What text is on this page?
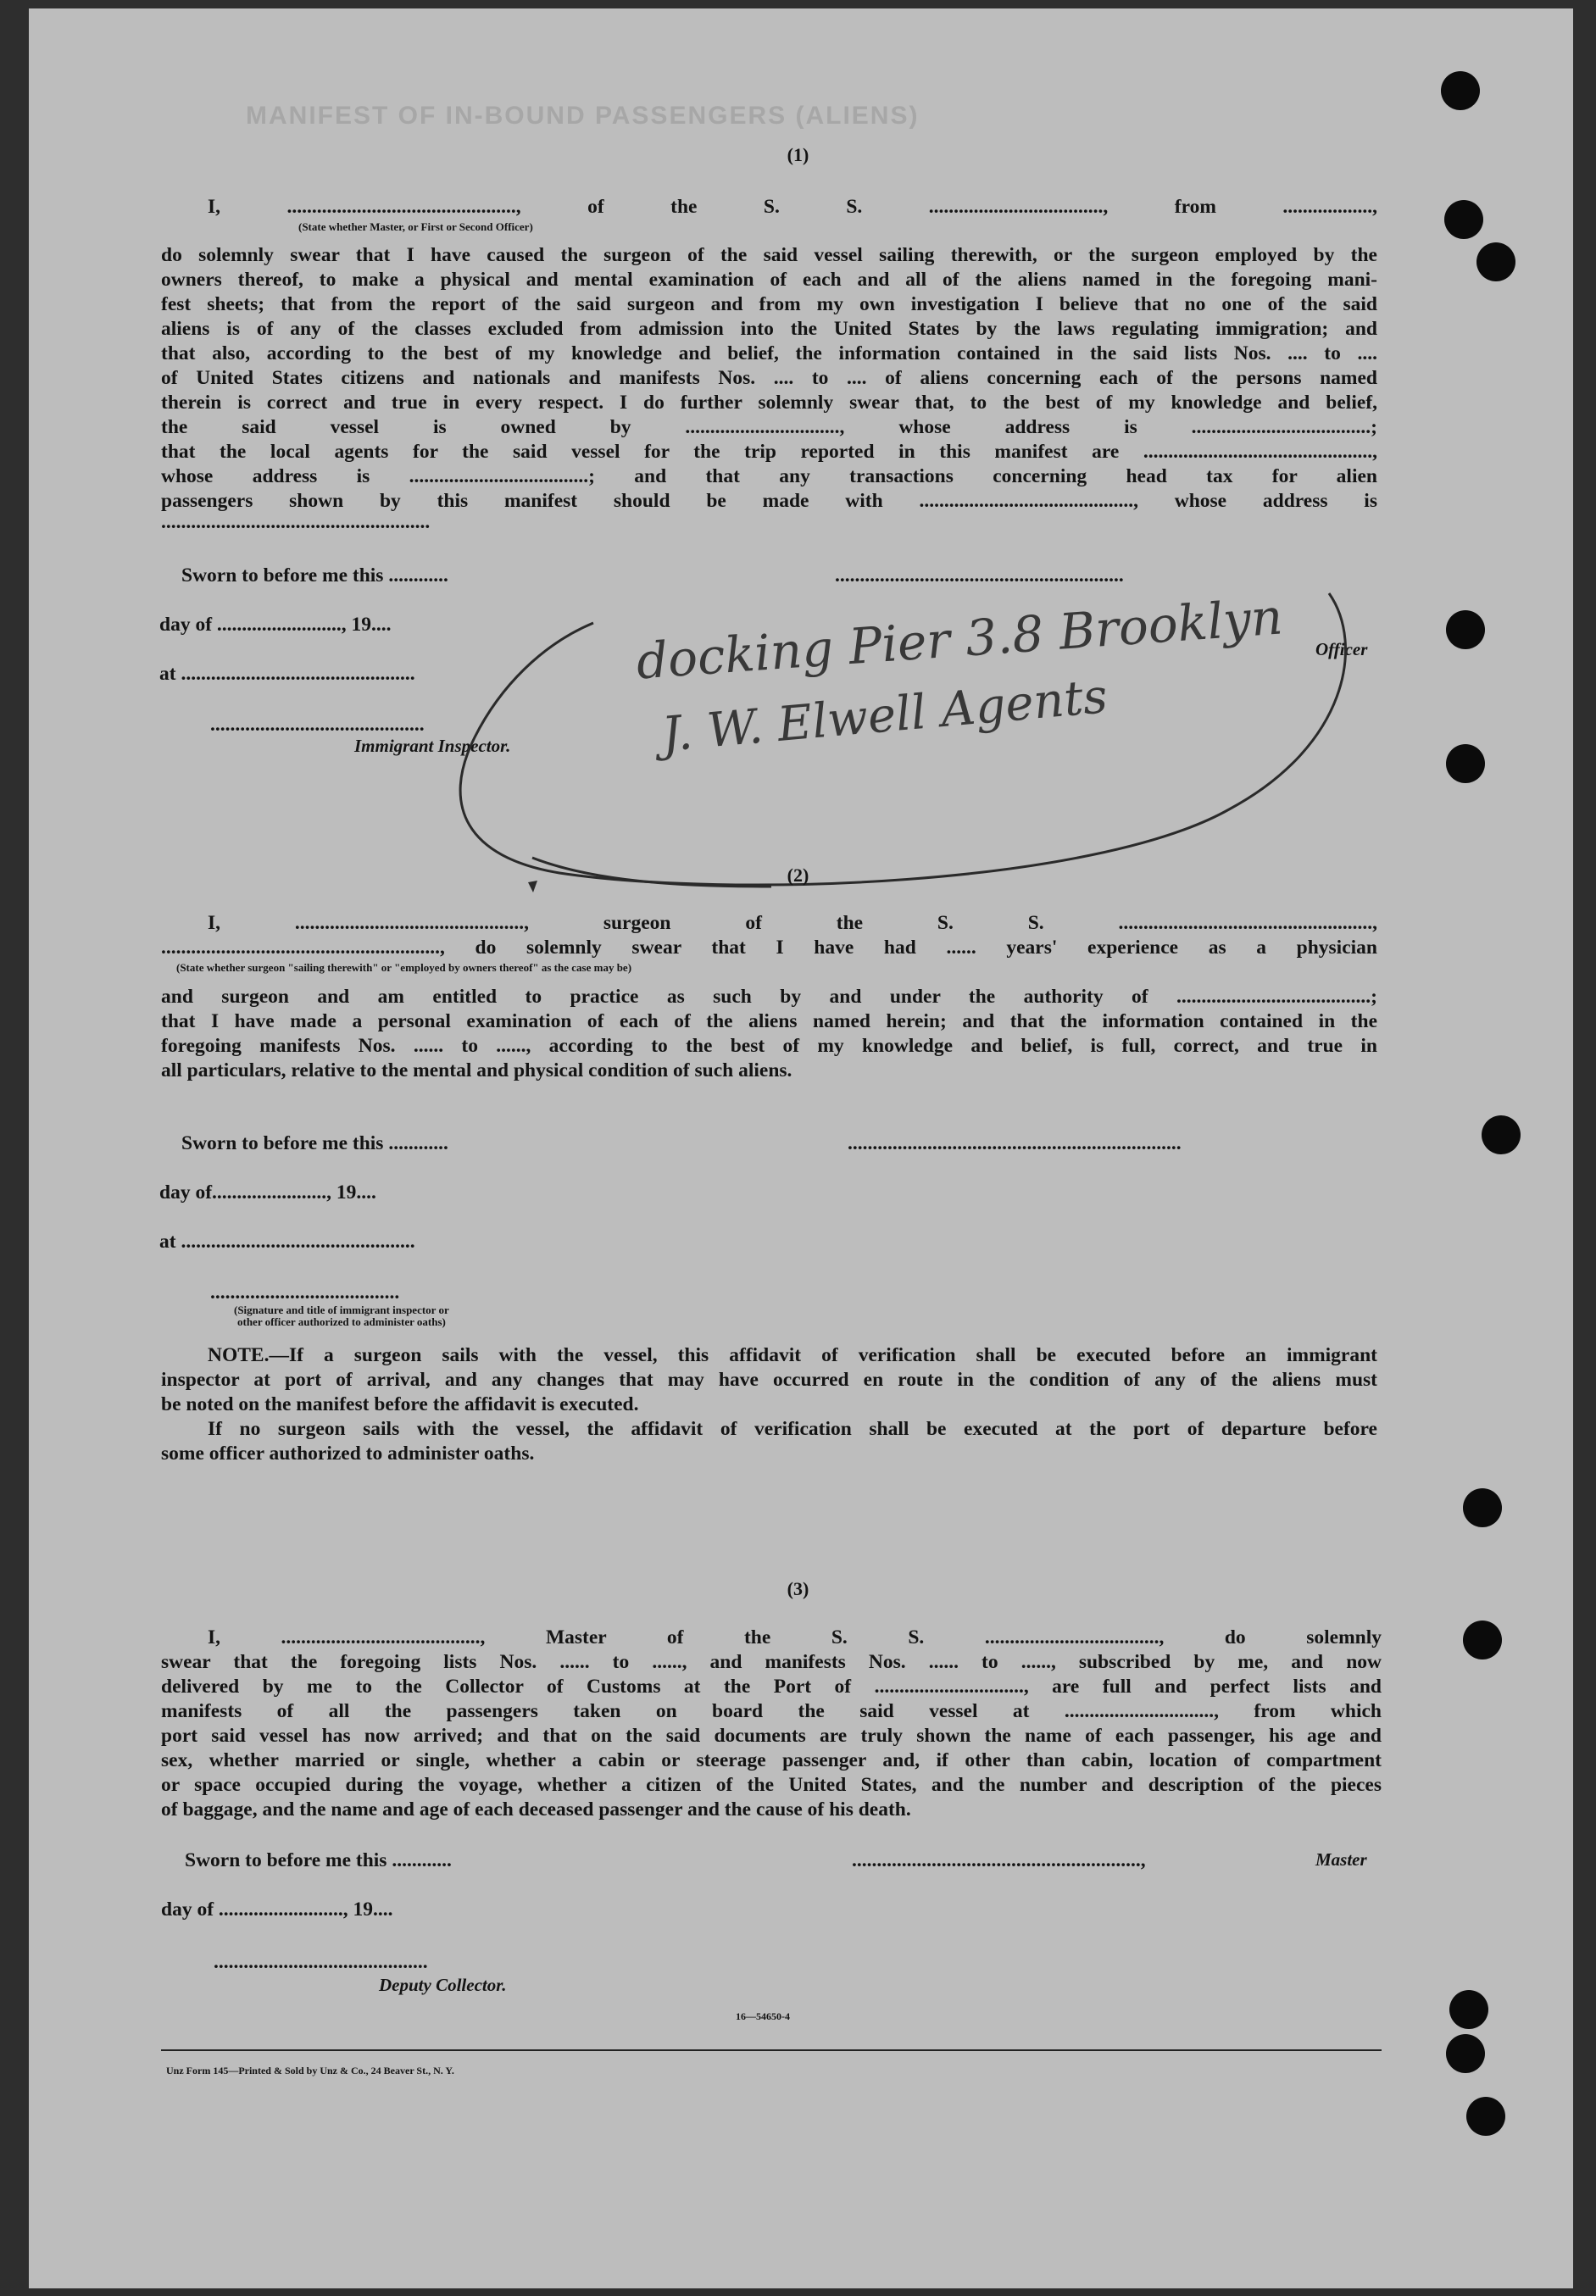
MANIFEST OF IN-BOUND PASSENGERS (ALIENS)
(1)
I, .............................................., of the S. S. ..................................., from ..................,
(State whether Master, or First or Second Officer)
do solemnly swear that I have caused the surgeon of the said vessel sailing therewith, or the surgeon employed by the
owners thereof, to make a physical and mental examination of each and all of the aliens named in the foregoing mani-
fest sheets; that from the report of the said surgeon and from my own investigation I believe that no one of the said
aliens is of any of the classes excluded from admission into the United States by the laws regulating immigration; and
that also, according to the best of my knowledge and belief, the information contained in the said lists Nos. .... to ....
of United States citizens and nationals and manifests Nos. .... to .... of aliens concerning each of the persons named
therein is correct and true in every respect. I do further solemnly swear that, to the best of my knowledge and belief,
the said vessel is owned by ..............................., whose address is ....................................;
that the local agents for the said vessel for the trip reported in this manifest are ..............................................,
whose address is ....................................; and that any transactions concerning head tax for alien
passengers shown by this manifest should be made with ..........................................., whose address is
......................................................
Sworn to before me this ............	..........................................................
day of ........................., 19....
Officer
at ...............................................
...........................................
Immigrant Inspector.
docking Pier 3.8 Brooklyn
J. W. Elwell Agents
(2)
I, .............................................., surgeon of the S. S. ...................................................,
........................................................, do solemnly swear that I have had ...... years' experience as a physician
(State whether surgeon "sailing therewith" or "employed by owners thereof" as the case may be)
and surgeon and am entitled to practice as such by and under the authority of .......................................;
that I have made a personal examination of each of the aliens named herein; and that the information contained in the
foregoing manifests Nos. ...... to ......, according to the best of my knowledge and belief, is full, correct, and true in
all particulars, relative to the mental and physical condition of such aliens.
Sworn to before me this ............	...................................................................
day of......................., 19....
at ...............................................
......................................
(Signature and title of immigrant inspector or
other officer authorized to administer oaths)
NOTE.—If a surgeon sails with the vessel, this affidavit of verification shall be executed before an immigrant
inspector at port of arrival, and any changes that may have occurred en route in the condition of any of the aliens must
be noted on the manifest before the affidavit is executed.
If no surgeon sails with the vessel, the affidavit of verification shall be executed at the port of departure before
some officer authorized to administer oaths.
(3)
I, ........................................, Master of the S. S. ..................................., do solemnly
swear that the foregoing lists Nos. ...... to ......, and manifests Nos. ...... to ......, subscribed by me, and now
delivered by me to the Collector of Customs at the Port of .............................., are full and perfect lists and
manifests of all the passengers taken on board the said vessel at .............................., from which
port said vessel has now arrived; and that on the said documents are truly shown the name of each passenger, his age and
sex, whether married or single, whether a cabin or steerage passenger and, if other than cabin, location of compartment
or space occupied during the voyage, whether a citizen of the United States, and the number and description of the pieces
of baggage, and the name and age of each deceased passenger and the cause of his death.
Sworn to before me this ............	..........................................................,	Master
day of ........................., 19....
...........................................
Deputy Collector.
16—54650-4
Unz Form 145—Printed & Sold by Unz & Co., 24 Beaver St., N. Y.
